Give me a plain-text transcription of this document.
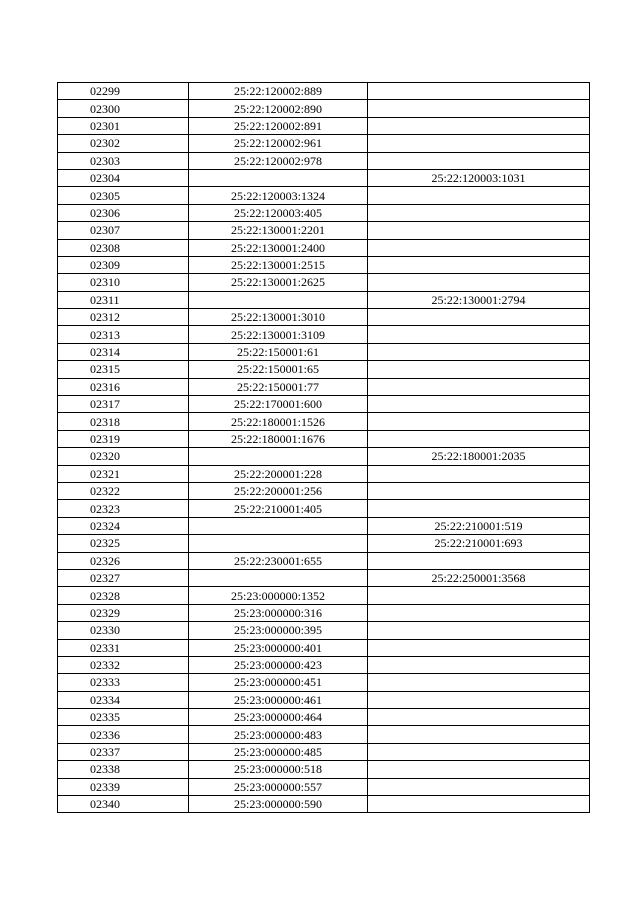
02299	25:22:120002:889	
02300	25:22:120002:890	
02301	25:22:120002:891	
02302	25:22:120002:961	
02303	25:22:120002:978	
02304		25:22:120003:1031
02305	25:22:120003:1324	
02306	25:22:120003:405	
02307	25:22:130001:2201	
02308	25:22:130001:2400	
02309	25:22:130001:2515	
02310	25:22:130001:2625	
02311		25:22:130001:2794
02312	25:22:130001:3010	
02313	25:22:130001:3109	
02314	25:22:150001:61	
02315	25:22:150001:65	
02316	25:22:150001:77	
02317	25:22:170001:600	
02318	25:22:180001:1526	
02319	25:22:180001:1676	
02320		25:22:180001:2035
02321	25:22:200001:228	
02322	25:22:200001:256	
02323	25:22:210001:405	
02324		25:22:210001:519
02325		25:22:210001:693
02326	25:22:230001:655	
02327		25:22:250001:3568
02328	25:23:000000:1352	
02329	25:23:000000:316	
02330	25:23:000000:395	
02331	25:23:000000:401	
02332	25:23:000000:423	
02333	25:23:000000:451	
02334	25:23:000000:461	
02335	25:23:000000:464	
02336	25:23:000000:483	
02337	25:23:000000:485	
02338	25:23:000000:518	
02339	25:23:000000:557	
02340	25:23:000000:590	
